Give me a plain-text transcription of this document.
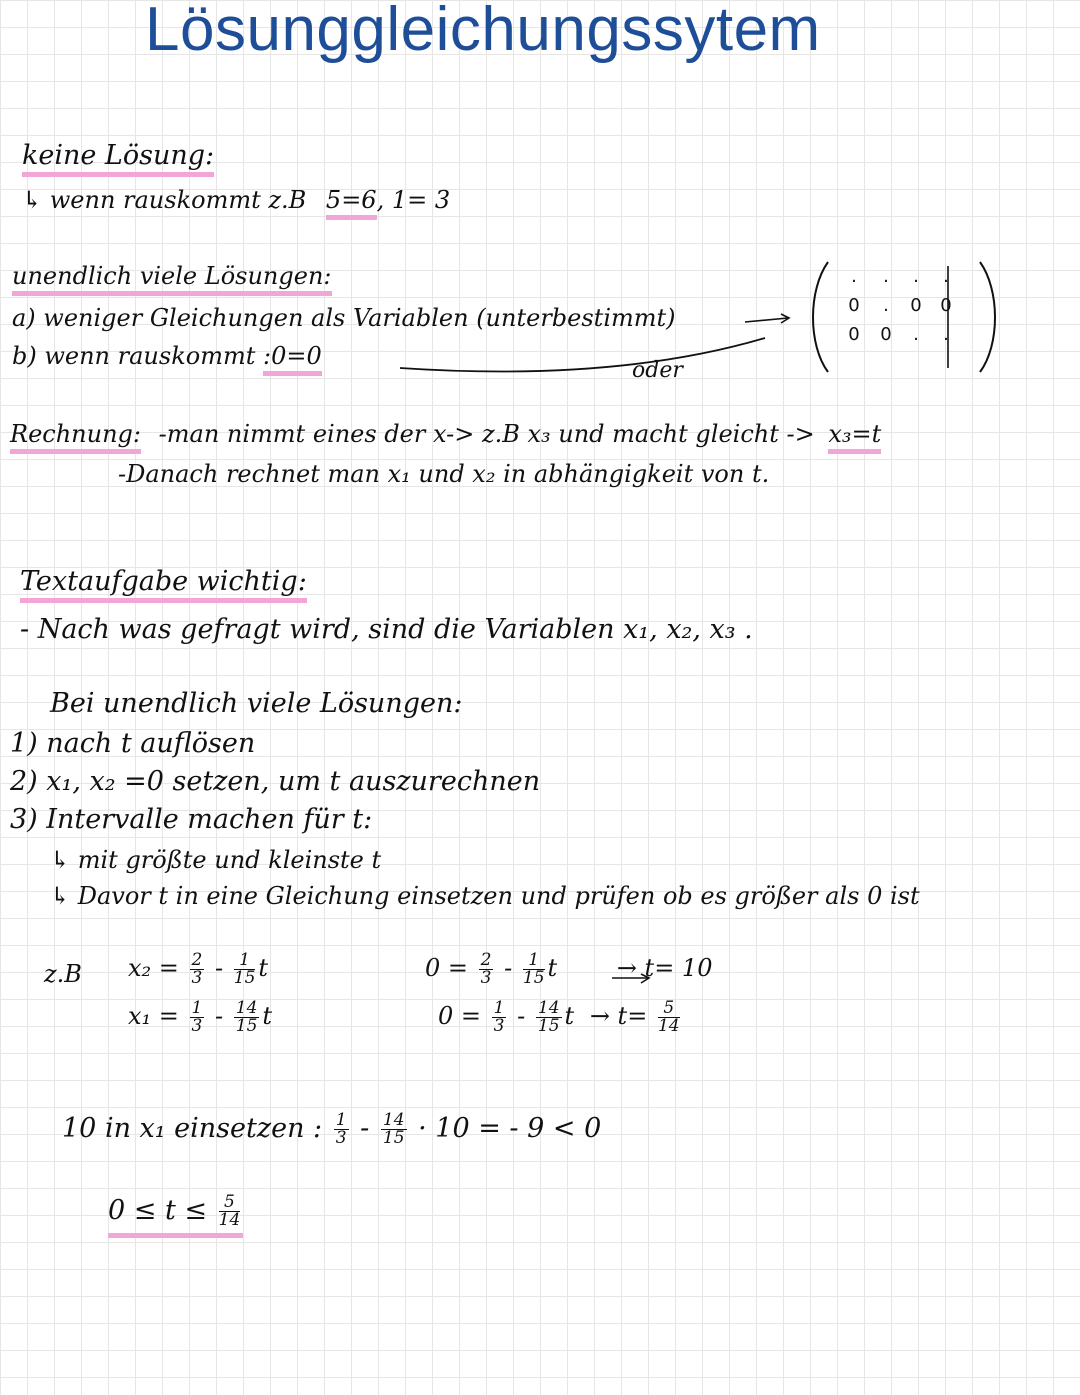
Lösunggleichungssytem
keine Lösung:
↳ wenn rauskommt z.B 5=6, 1= 3
unendlich viele Lösungen:
a) weniger Gleichungen als Variablen (unterbestimmt)
b) wenn rauskommt :0=0
oder
.	.	.	.
0	.	0	0
0	0	.	.
Rechnung: -man nimmt eines der x-> z.B x₃ und macht gleicht -> x₃=t
-Danach rechnet man x₁ und x₂ in abhängigkeit von t.
Textaufgabe wichtig:
- Nach was gefragt wird, sind die Variablen x₁, x₂, x₃ .
Bei unendlich viele Lösungen:
1) nach t auflösen
2) x₁, x₂ =0 setzen, um t auszurechnen
3) Intervalle machen für t:
↳ mit größte und kleinste t
↳ Davor t in eine Gleichung einsetzen und prüfen ob es größer als 0 ist
z.B $x_2 = \frac{2}{3} - \frac{1}{15}$ t
$x_1 = \frac{1}{3} - \frac{14}{15}$ t
$0 = \frac{2}{3} - \frac{1}{15}$ t → t= 10
$0 = \frac{1}{3} - \frac{14}{15}$ $t \to t= \frac{5}{14}$
10 in x₁ einsetzen : $\frac{1}{3} - \frac{14}{15} \cdot 10$ = - 9 < 0
$0 \le t \le \frac{5}{14}$
